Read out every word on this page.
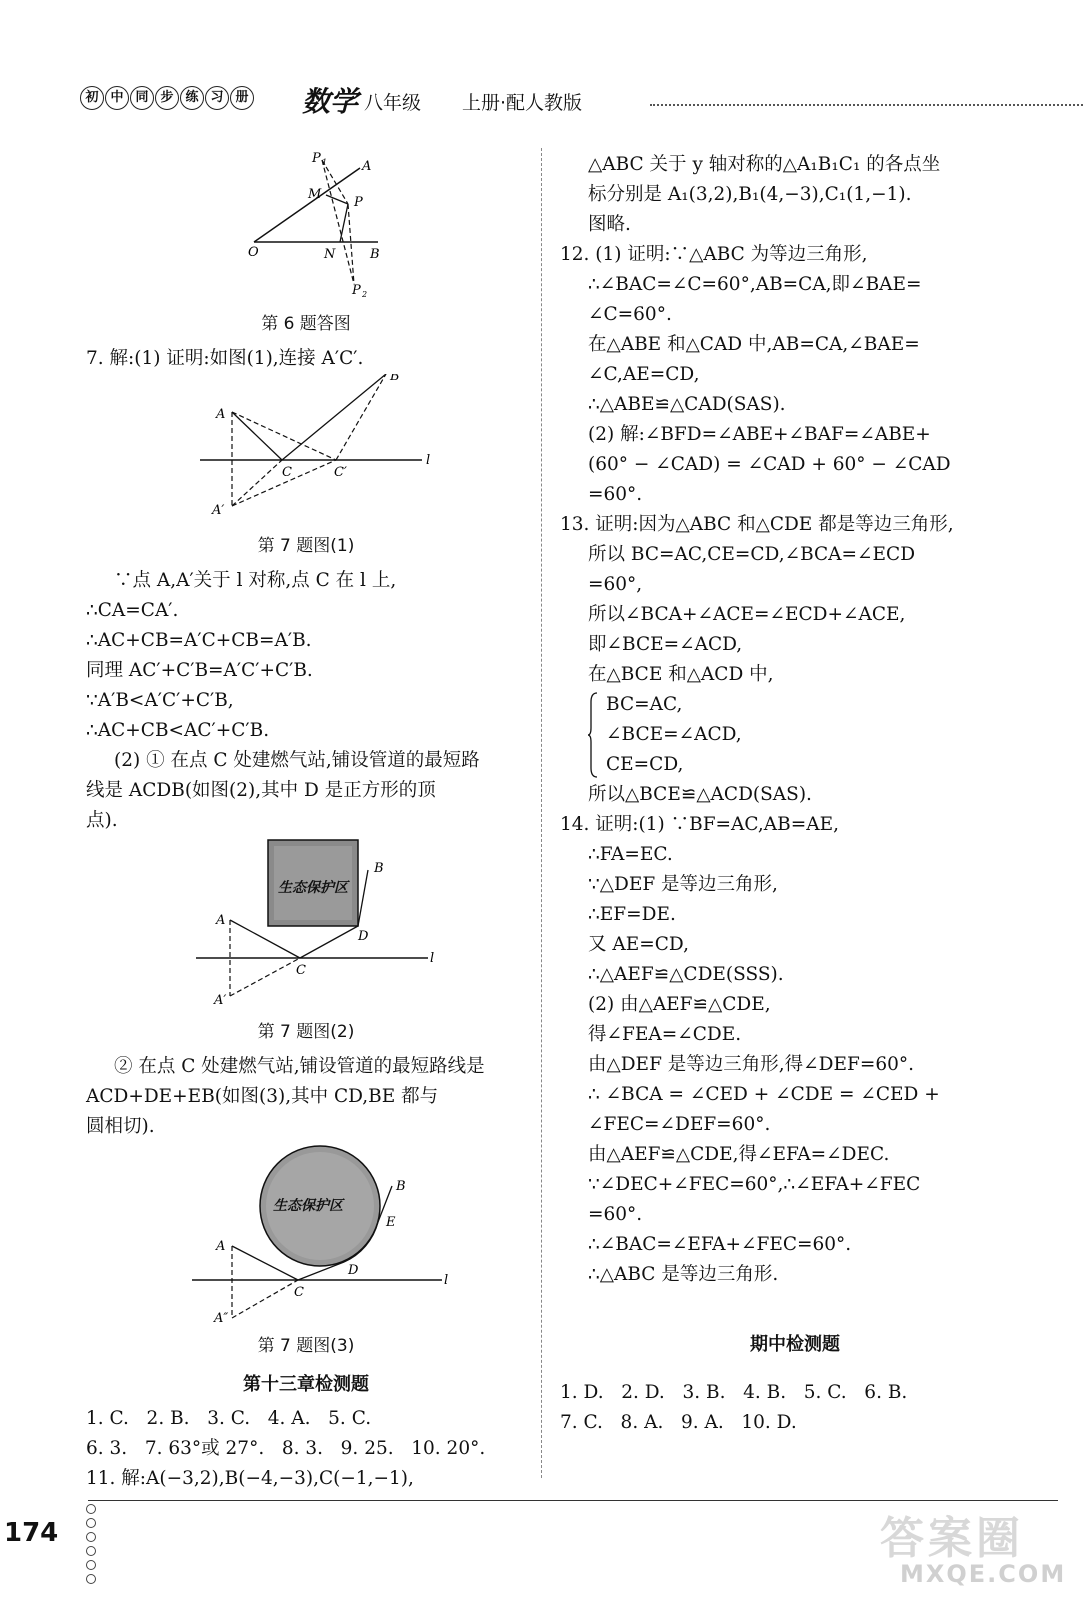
初 中 同 步 练 习 册 数学 八年级 上册·配人教版
P 1	A
M
P
O	N	B
P 2
第 6 题答图

7. 解:(1) 证明:如图(1),连接 A′C′.

l
A
B
C	C′
A′
第 7 题图(1)

∵点 A,A′关于 l 对称,点 C 在 l 上,

∴CA=CA′.

∴AC+CB=A′C+CB=A′B.

同理 AC′+C′B=A′C′+C′B.

∵A′B<A′C′+C′B,

∴AC+CB<AC′+C′B.

(2) ① 在点 C 处建燃气站,铺设管道的最短路

线是 ACDB(如图(2),其中 D 是正方形的顶

点).

生态保护区
l
A
B
D
C
A′
第 7 题图(2)

② 在点 C 处建燃气站,铺设管道的最短路线是

ACD+DE+EB(如图(3),其中 CD,BE 都与

圆相切).

生态保护区
l
A
B
E
D
C
A″
第 7 题图(3)
第十三章检测题

1. C.   2. B.   3. C.   4. A.   5. C.

6. 3.   7. 63°或 27°.   8. 3.   9. 25.   10. 20°.

11. 解:A(−3,2),B(−4,−3),C(−1,−1),

△ABC 关于 y 轴对称的△A₁B₁C₁ 的各点坐

标分别是 A₁(3,2),B₁(4,−3),C₁(1,−1).

图略.

12. (1) 证明:∵△ABC 为等边三角形,

∴∠BAC=∠C=60°,AB=CA,即∠BAE=

∠C=60°.

在△ABE 和△CAD 中,AB=CA,∠BAE=

∠C,AE=CD,

∴△ABE≌△CAD(SAS).

(2) 解:∠BFD=∠ABE+∠BAF=∠ABE+

(60° − ∠CAD) = ∠CAD + 60° − ∠CAD

=60°.

13. 证明:因为△ABC 和△CDE 都是等边三角形,

所以 BC=AC,CE=CD,∠BCA=∠ECD

=60°,

所以∠BCA+∠ACE=∠ECD+∠ACE,

即∠BCE=∠ACD,

在△BCE 和△ACD 中,

BC=AC,

∠BCE=∠ACD,

CE=CD,

所以△BCE≌△ACD(SAS).

14. 证明:(1) ∵BF=AC,AB=AE,

∴FA=EC.

∵△DEF 是等边三角形,

∴EF=DE.

又 AE=CD,

∴△AEF≌△CDE(SSS).

(2) 由△AEF≌△CDE,

得∠FEA=∠CDE.

由△DEF 是等边三角形,得∠DEF=60°.

∴ ∠BCA = ∠CED + ∠CDE = ∠CED +

∠FEC=∠DEF=60°.

由△AEF≌△CDE,得∠EFA=∠DEC.

∵∠DEC+∠FEC=60°,∴∠EFA+∠FEC

=60°.

∴∠BAC=∠EFA+∠FEC=60°.

∴△ABC 是等边三角形.

期中检测题

1. D.   2. D.   3. B.   4. B.   5. C.   6. B.

7. C.   8. A.   9. A.   10. D.

174	答案圈
MXQE.COM
